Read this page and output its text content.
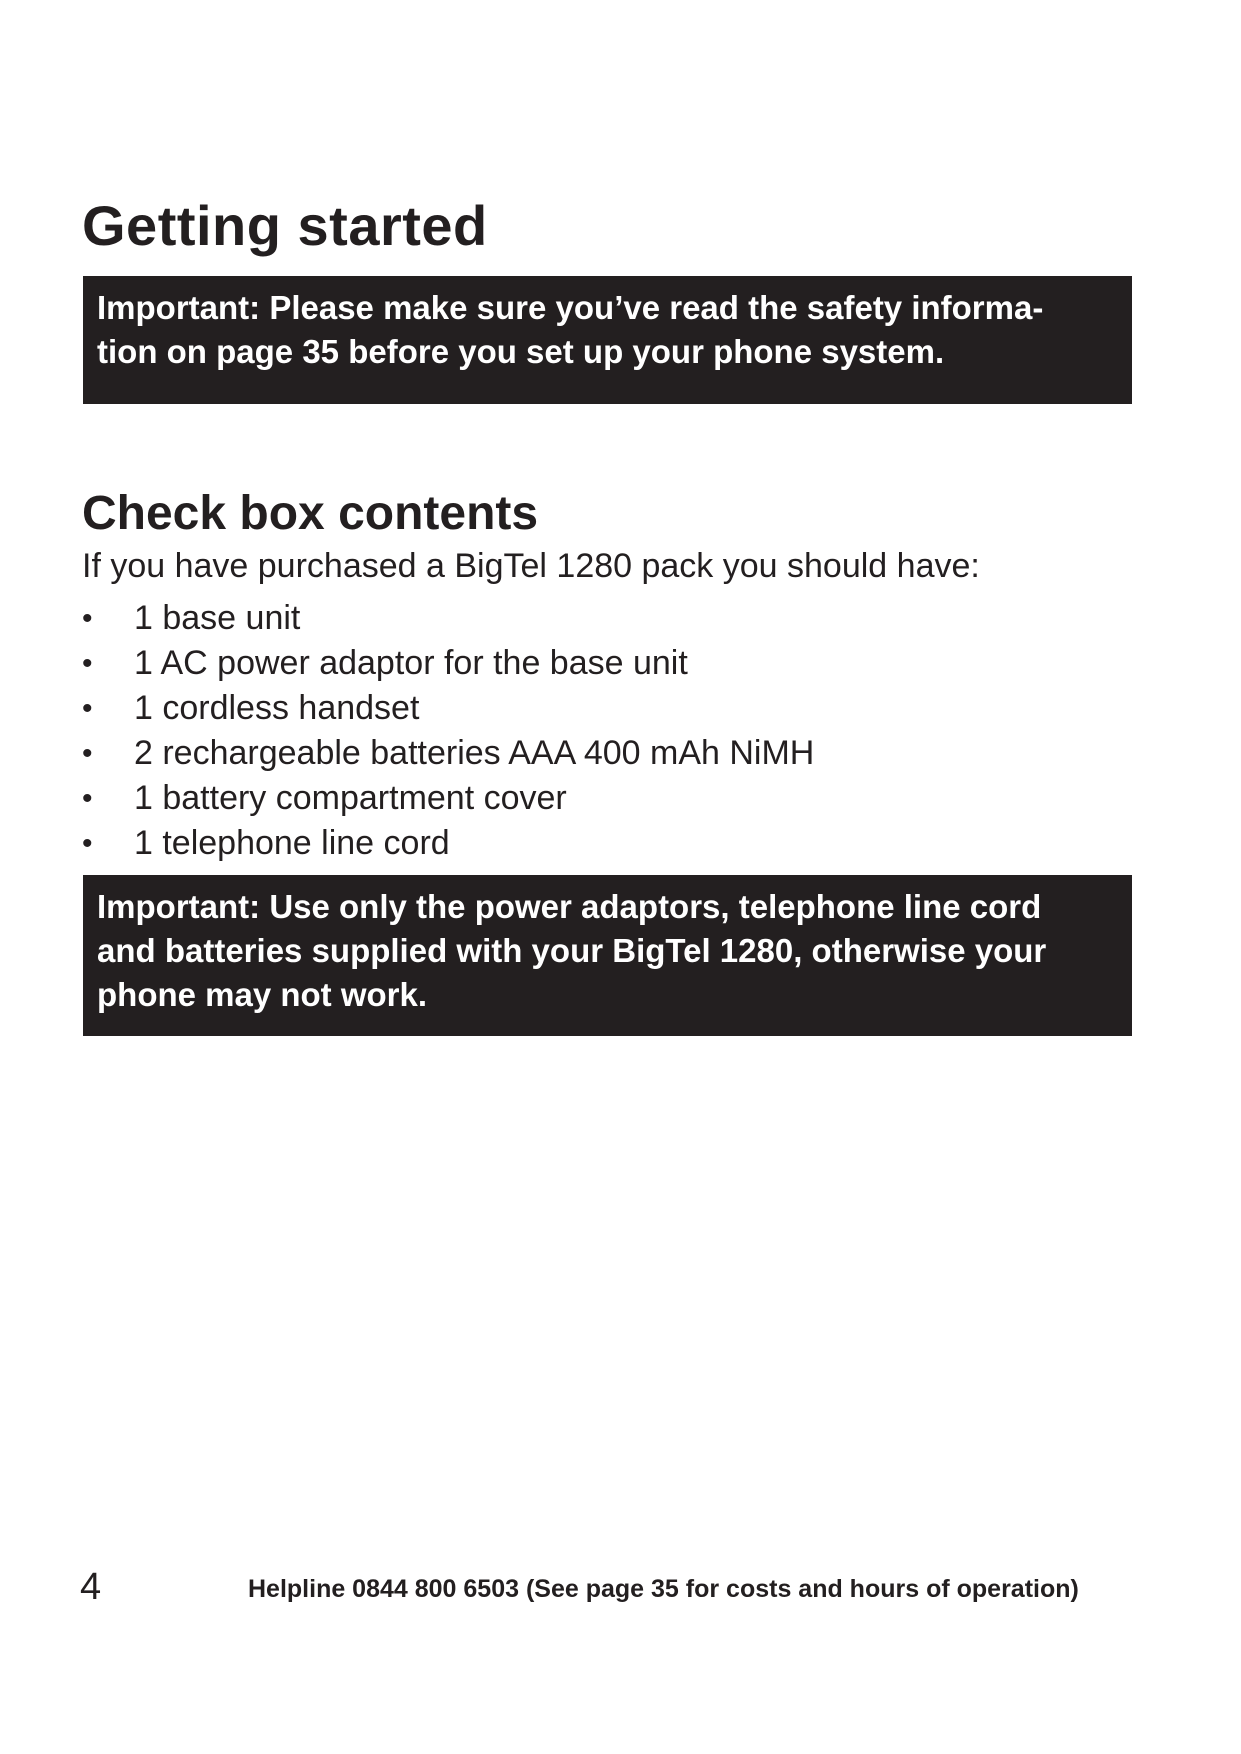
Getting started
Important: Please make sure you’ve read the safety informa-
tion on page 35 before you set up your phone system.
Check box contents
If you have purchased a BigTel 1280 pack you should have:
• 1 base unit
• 1 AC power adaptor for the base unit
• 1 cordless handset
• 2 rechargeable batteries AAA 400 mAh NiMH
• 1 battery compartment cover
• 1 telephone line cord
Important: Use only the power adaptors, telephone line cord
and batteries supplied with your BigTel 1280, otherwise your
phone may not work.
4	Helpline 0844 800 6503 (See page 35 for costs and hours of operation)
